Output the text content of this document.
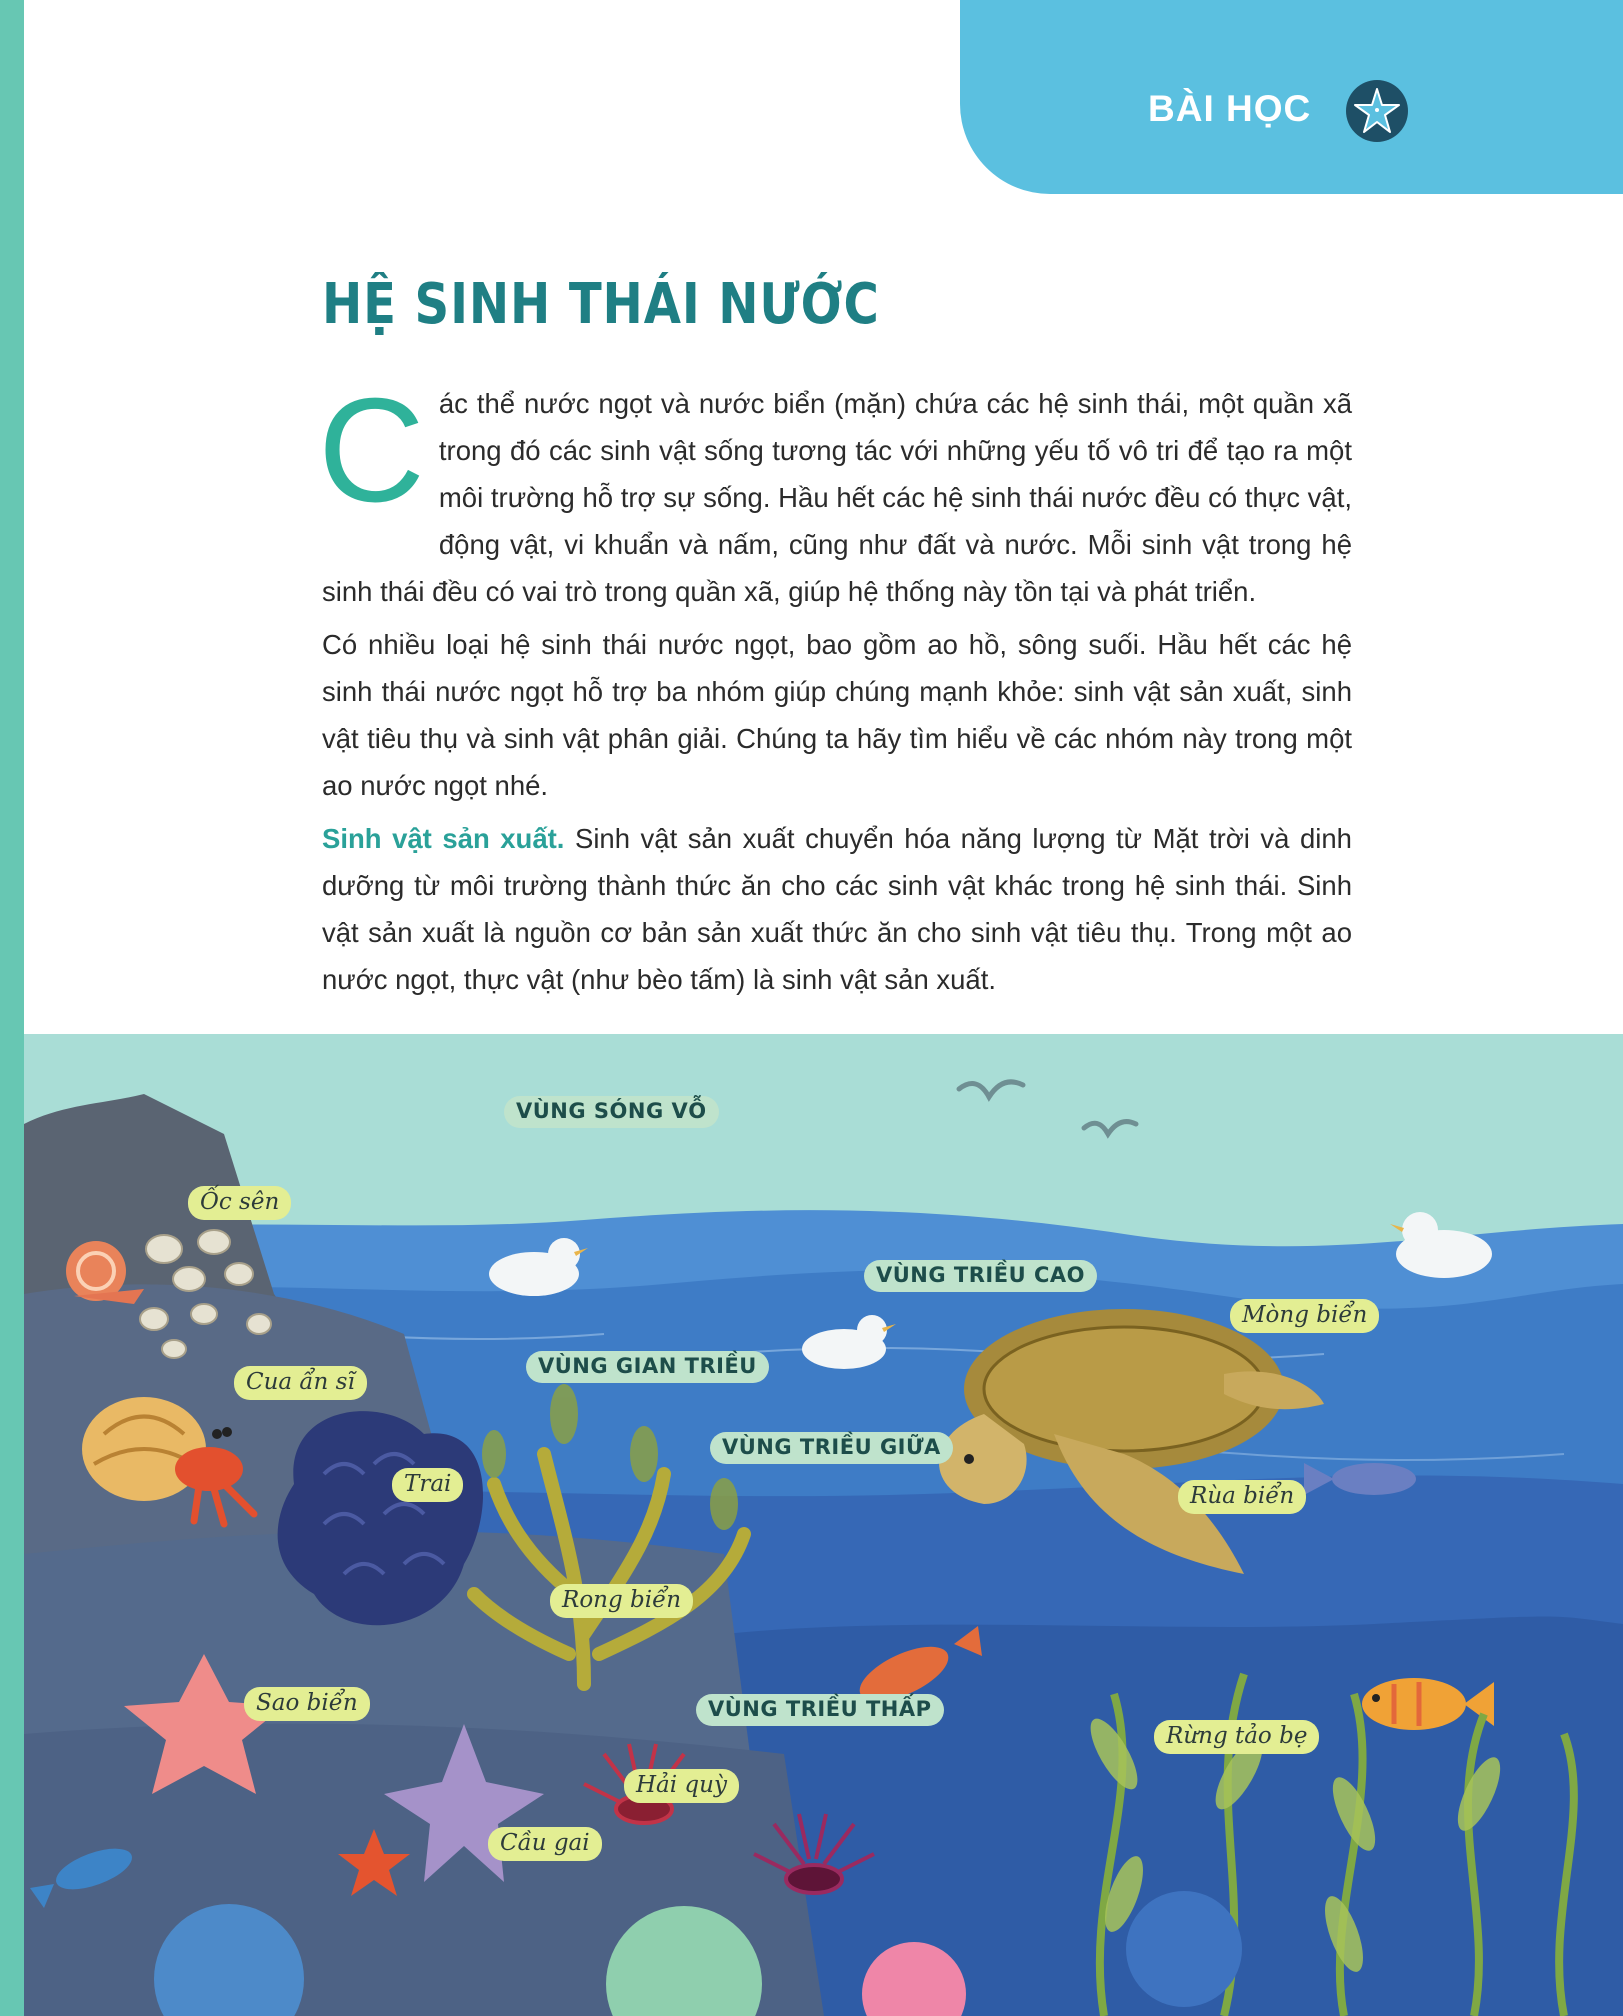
BÀI HỌC
HỆ SINH THÁI NƯỚC

C ác thể nước ngọt và nước biển (mặn) chứa các hệ sinh thái, một quần xã trong đó các sinh vật sống tương tác với những yếu tố vô tri để tạo ra một môi trường hỗ trợ sự sống. Hầu hết các hệ sinh thái nước đều có thực vật, động vật, vi khuẩn và nấm, cũng như đất và nước. Mỗi sinh vật trong hệ sinh thái đều có vai trò trong quần xã, giúp hệ thống này tồn tại và phát triển.

Có nhiều loại hệ sinh thái nước ngọt, bao gồm ao hồ, sông suối. Hầu hết các hệ sinh thái nước ngọt hỗ trợ ba nhóm giúp chúng mạnh khỏe: sinh vật sản xuất, sinh vật tiêu thụ và sinh vật phân giải. Chúng ta hãy tìm hiểu về các nhóm này trong một ao nước ngọt nhé.

Sinh vật sản xuất. Sinh vật sản xuất chuyển hóa năng lượng từ Mặt trời và dinh dưỡng từ môi trường thành thức ăn cho các sinh vật khác trong hệ sinh thái. Sinh vật sản xuất là nguồn cơ bản sản xuất thức ăn cho sinh vật tiêu thụ. Trong một ao nước ngọt, thực vật (như bèo tấm) là sinh vật sản xuất.

VÙNG SÓNG VỖ
VÙNG TRIỀU CAO
VÙNG GIAN TRIỀU
VÙNG TRIỀU GIỮA
VÙNG TRIỀU THẤP
Ốc sên
Cua ẩn sĩ
Trai
Rong biển
Sao biển
Hải quỳ
Cầu gai
Mòng biển
Rùa biển
Rừng tảo bẹ
